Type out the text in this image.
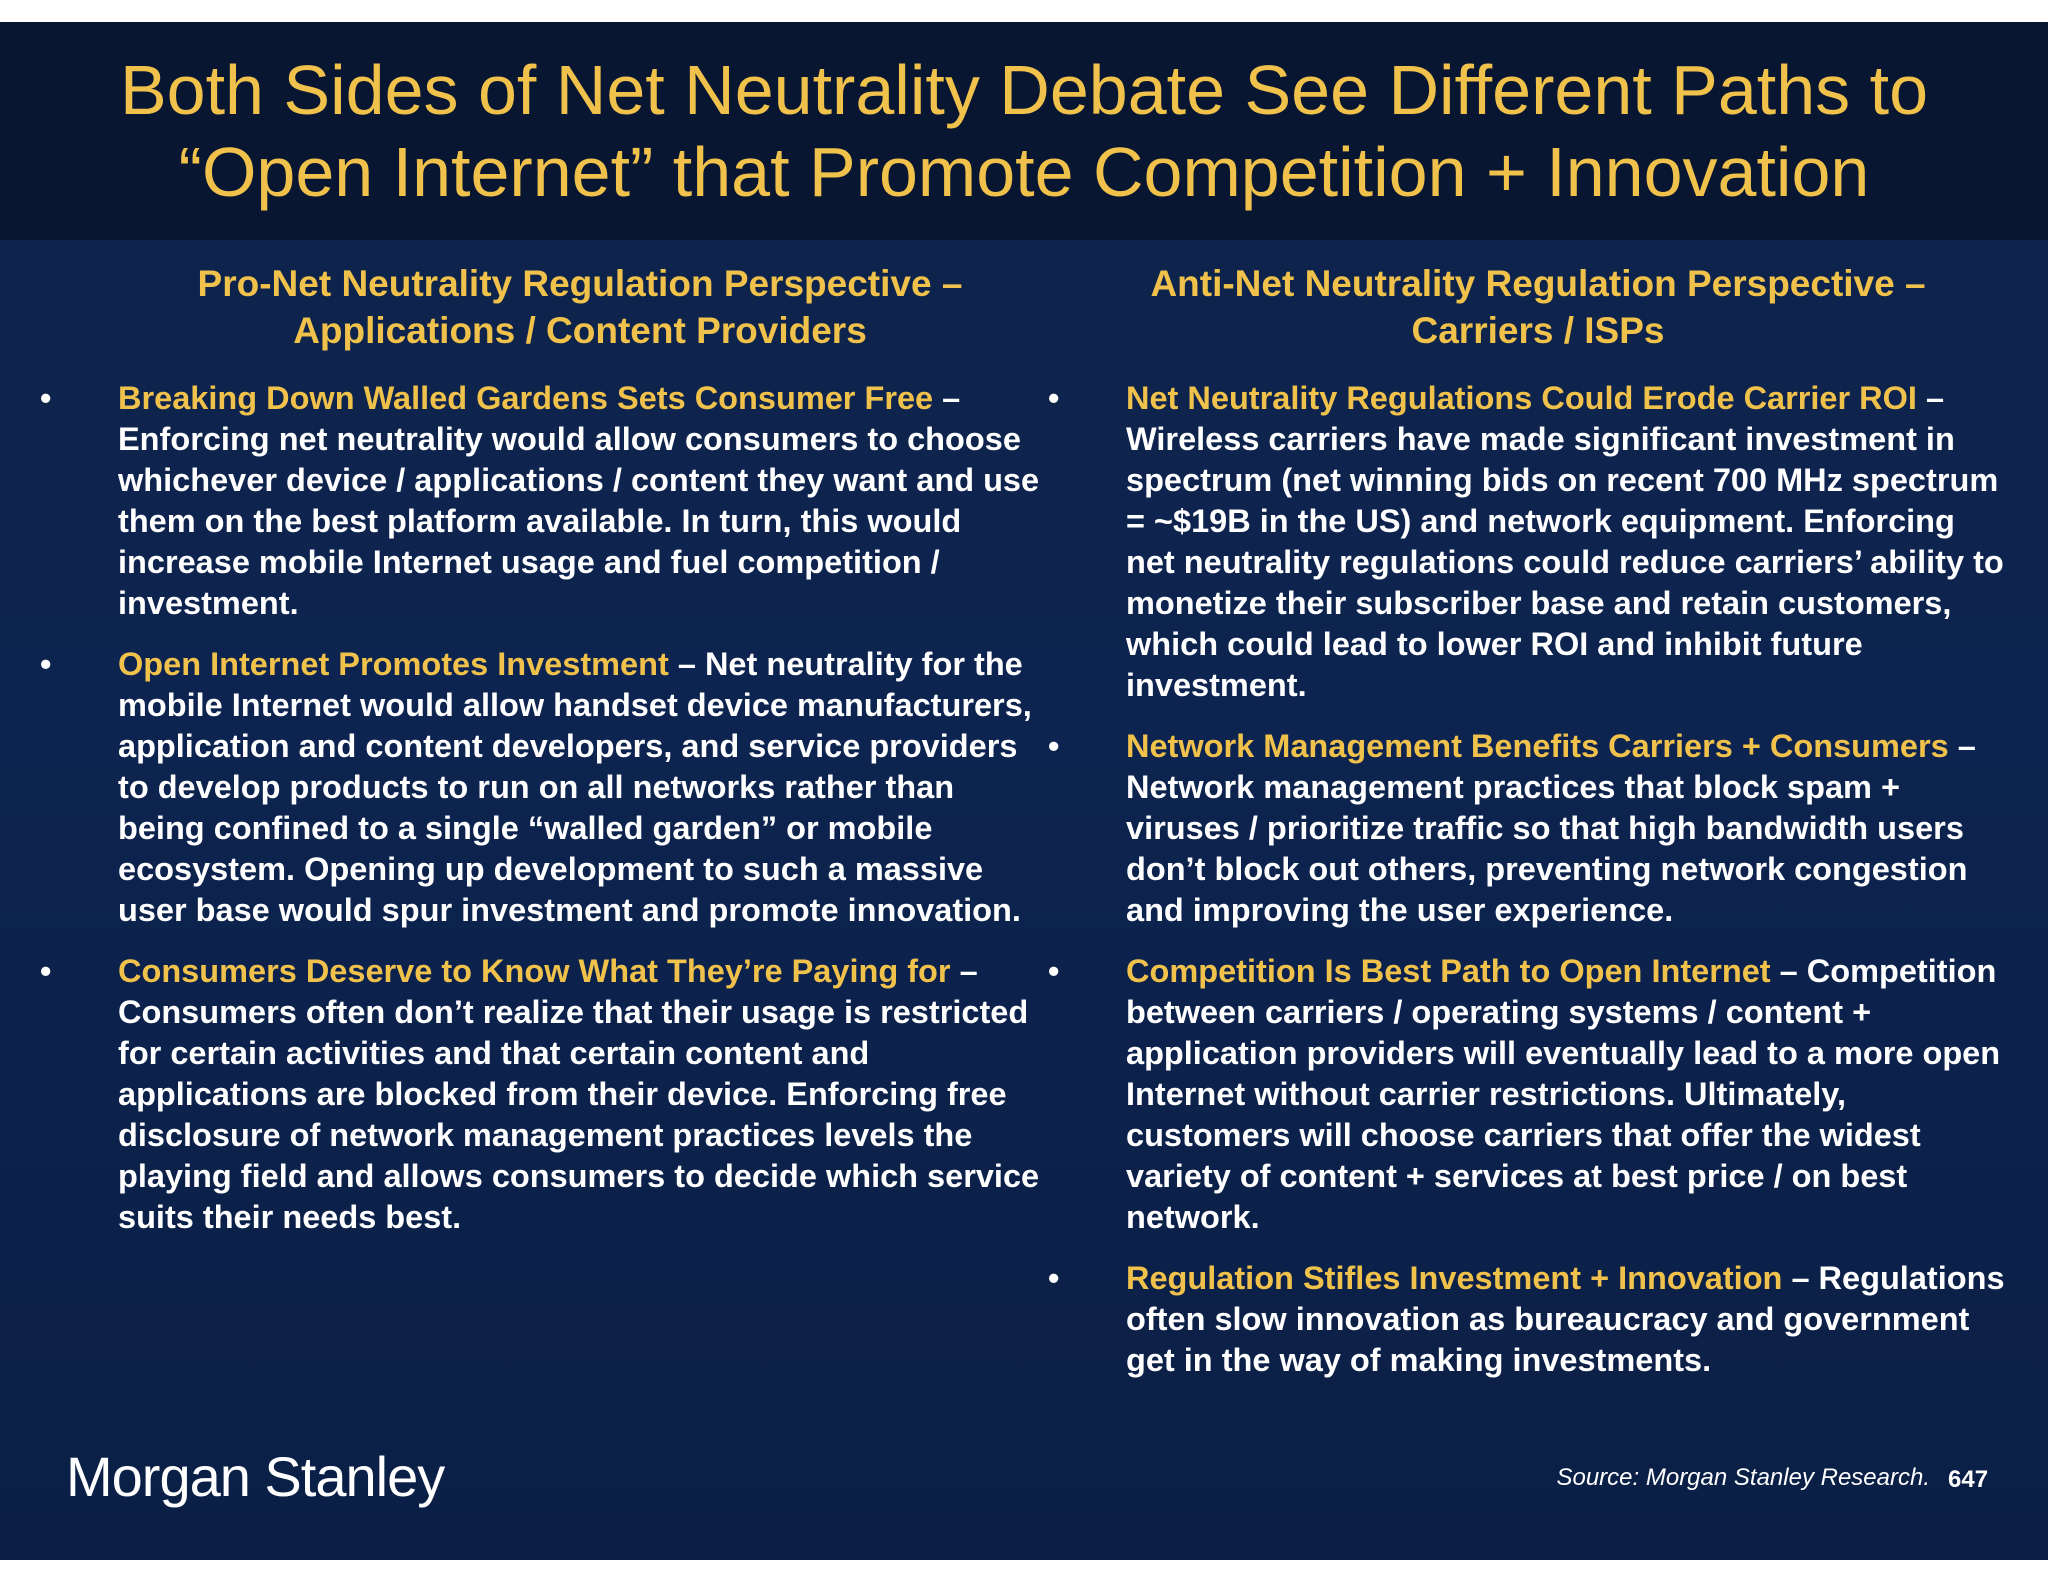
Both Sides of Net Neutrality Debate See Different Paths to
“Open Internet” that Promote Competition + Innovation
Pro-Net Neutrality Regulation Perspective –
Applications / Content Providers
• Breaking Down Walled Gardens Sets Consumer Free – Enforcing net neutrality would allow consumers to choose whichever device / applications / content they want and use them on the best platform available. In turn, this would increase mobile Internet usage and fuel competition / investment.
• Open Internet Promotes Investment – Net neutrality for the mobile Internet would allow handset device manufacturers, application and content developers, and service providers to develop products to run on all networks rather than being confined to a single “walled garden” or mobile ecosystem. Opening up development to such a massive user base would spur investment and promote innovation.
• Consumers Deserve to Know What They’re Paying for – Consumers often don’t realize that their usage is restricted for certain activities and that certain content and applications are blocked from their device. Enforcing free disclosure of network management practices levels the playing field and allows consumers to decide which service suits their needs best.
Anti-Net Neutrality Regulation Perspective –
Carriers / ISPs
• Net Neutrality Regulations Could Erode Carrier ROI – Wireless carriers have made significant investment in spectrum (net winning bids on recent 700 MHz spectrum = ~$19B in the US) and network equipment. Enforcing net neutrality regulations could reduce carriers’ ability to monetize their subscriber base and retain customers, which could lead to lower ROI and inhibit future investment.
• Network Management Benefits Carriers + Consumers – Network management practices that block spam + viruses / prioritize traffic so that high bandwidth users don’t block out others, preventing network congestion and improving the user experience.
• Competition Is Best Path to Open Internet – Competition between carriers / operating systems / content + application providers will eventually lead to a more open Internet without carrier restrictions. Ultimately, customers will choose carriers that offer the widest variety of content + services at best price / on best network.
• Regulation Stifles Investment + Innovation – Regulations often slow innovation as bureaucracy and government get in the way of making investments.
Morgan Stanley	Source: Morgan Stanley Research. 647
